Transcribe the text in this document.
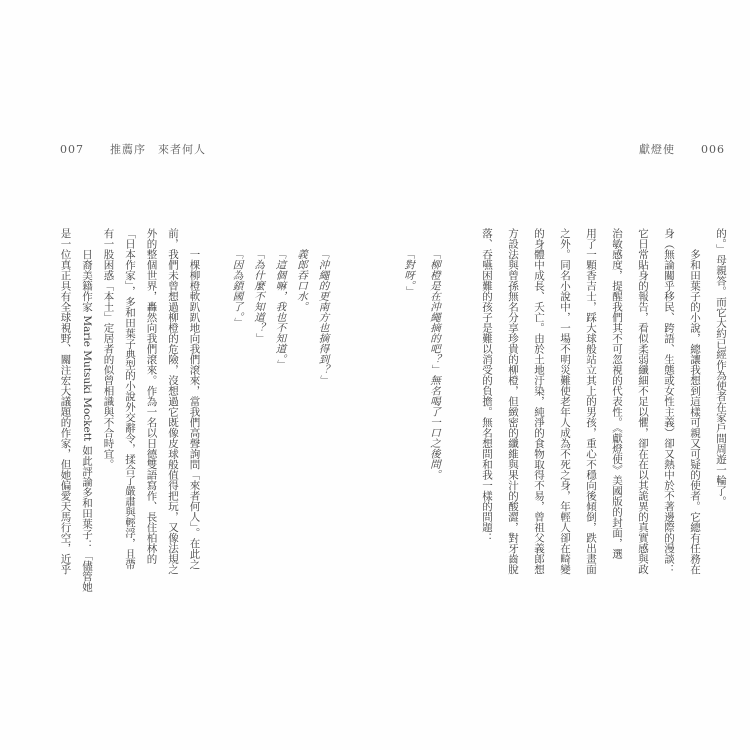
007 推薦序 來者何人	獻燈使 006
的。」母親答。而它大約已經作為使者在家戶間周遊一輪了。
多和田葉子的小說，總讓我想到這樣可親又可疑的使者。它總有任務在
身（無論關乎移民、跨語、生態或女性主義）卻又熱中於不著邊際的漫談：
它日常貼身的報告，看似柔弱纖細不足以懼，卻在在以其詭異的真實感與政
治敏感度，提醒我們其不可忽視的代表性。《獻燈使》美國版的封面，選
用了一顆香吉士，踩大球般站立其上的男孩，重心不穩向後傾倒，跌出畫面
之外。同名小說中，一場不明災難使老年人成為不死之身，年輕人卻在畸變
的身體中成長、夭亡。由於土地汙染，純淨的食物取得不易，曾祖父義郎想
方設法與曾孫無名分享珍貴的柳橙，但緻密的纖維與果汁的酸澀，對牙齒脫
落、吞嚥困難的孩子是難以消受的負擔。無名想問和我一樣的問題：
「柳橙是在沖繩摘的吧？」無名喝了一口之後問。
「對呀。」
「沖繩的更南方也摘得到？」
義郎吞口水。
「這個嘛，我也不知道。」
「為什麼不知道？」
「因為鎖國了。」
一棵柳橙軟趴趴地向我們滾來，當我們高聲詢問「來者何人」。在此之
前，我們未曾想過柳橙的危險，沒想過它既像皮球般值得把玩，又像法規之
外的整個世界，轟然向我們滾來。作為一名以日德雙語寫作、長住柏林的
「日本作家」，多和田葉子典型的小說外交辭令，揉合了嚴肅與輕浮，且帶
有一股困惑「本土」定居者的似曾相識與不合時宜。
日裔美籍作家 Marie Mutsuki Mockett 如此評論多和田葉子：「儘管她
是一位真正具有全球視野、關注宏大議題的作家，但她偏愛天馬行空，近乎
